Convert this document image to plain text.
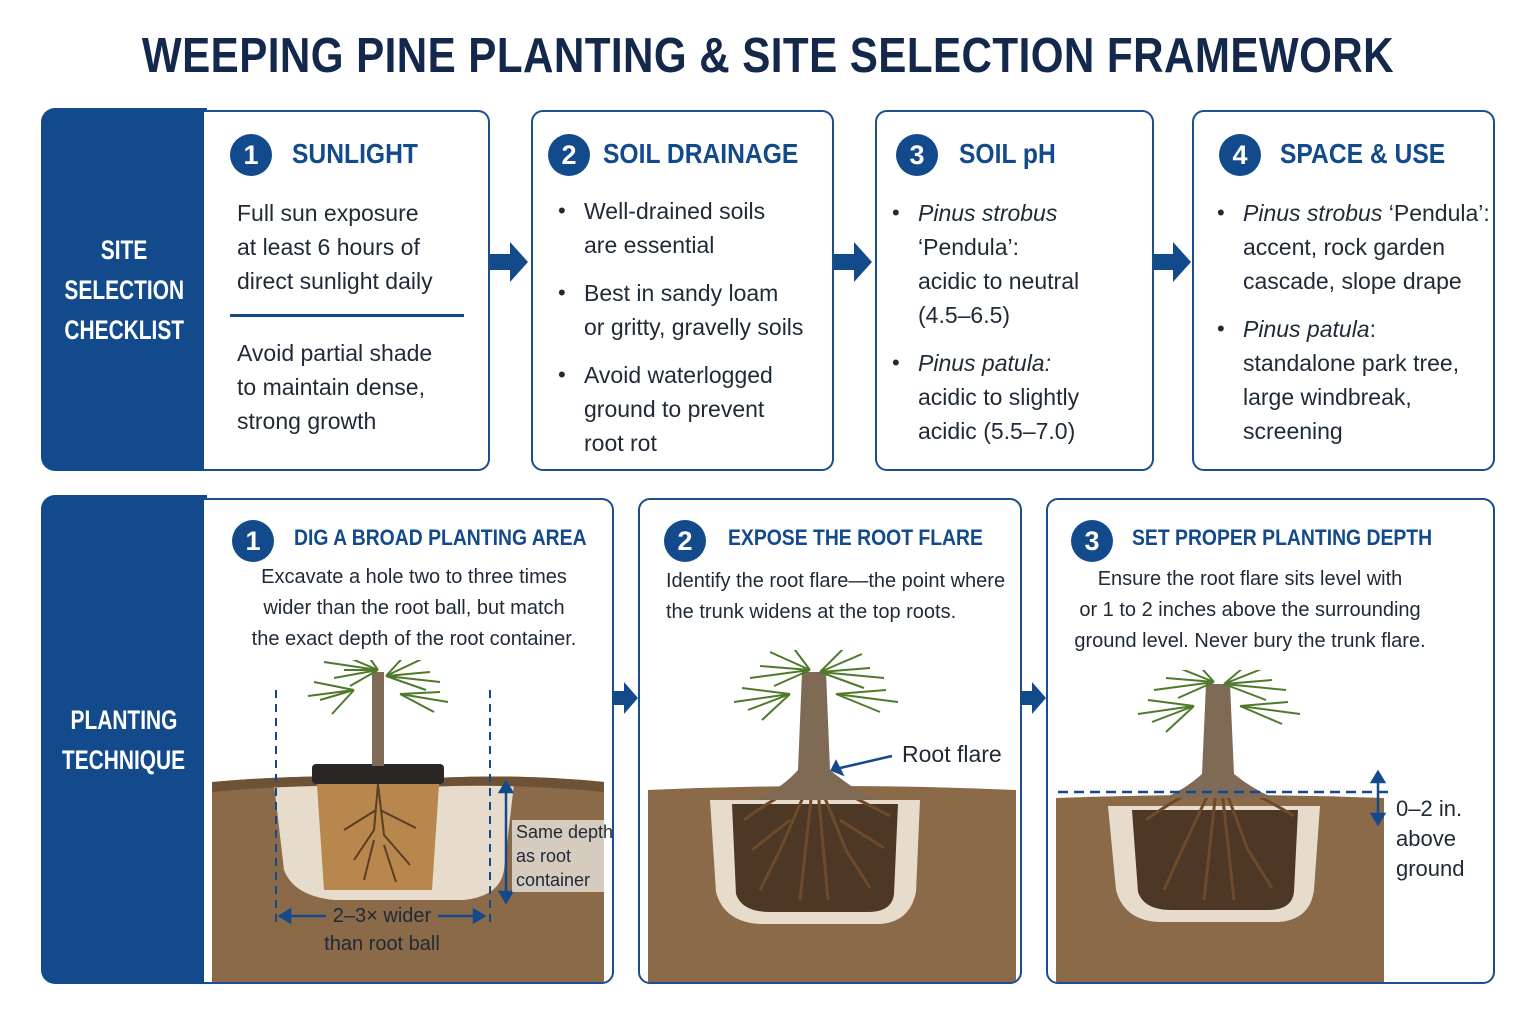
WEEPING PINE PLANTING & SITE SELECTION FRAMEWORK
SITE
SELECTION
CHECKLIST
1	SUNLIGHT

Full sun exposure

at least 6 hours of

direct sunlight daily

Avoid partial shade

to maintain dense,

strong growth

2 SOIL DRAINAGE

• Well-drained soils

are essential

• Best in sandy loam

or gritty, gravelly soils

• Avoid waterlogged

ground to prevent

root rot

3	SOIL pH

• Pinus strobus ‘Pendula’:

acidic to neutral

(4.5–6.5)

• Pinus patula:

acidic to slightly

acidic (5.5–7.0)

4	SPACE & USE

• Pinus strobus ‘Pendula’:

accent, rock garden

cascade, slope drape

• Pinus patula:

standalone park tree,

large windbreak,

screening

PLANTING
TECHNIQUE
1	DIG A BROAD PLANTING AREA

Excavate a hole two to three times

wider than the root ball, but match

the exact depth of the root container.

Same depth as root container
2–3× wider than root ball
2	EXPOSE THE ROOT FLARE

Identify the root flare—the point where

the trunk widens at the top roots.

Root flare
3	SET PROPER PLANTING DEPTH

Ensure the root flare sits level with

or 1 to 2 inches above the surrounding

ground level. Never bury the trunk flare.

0–2 in. above ground
